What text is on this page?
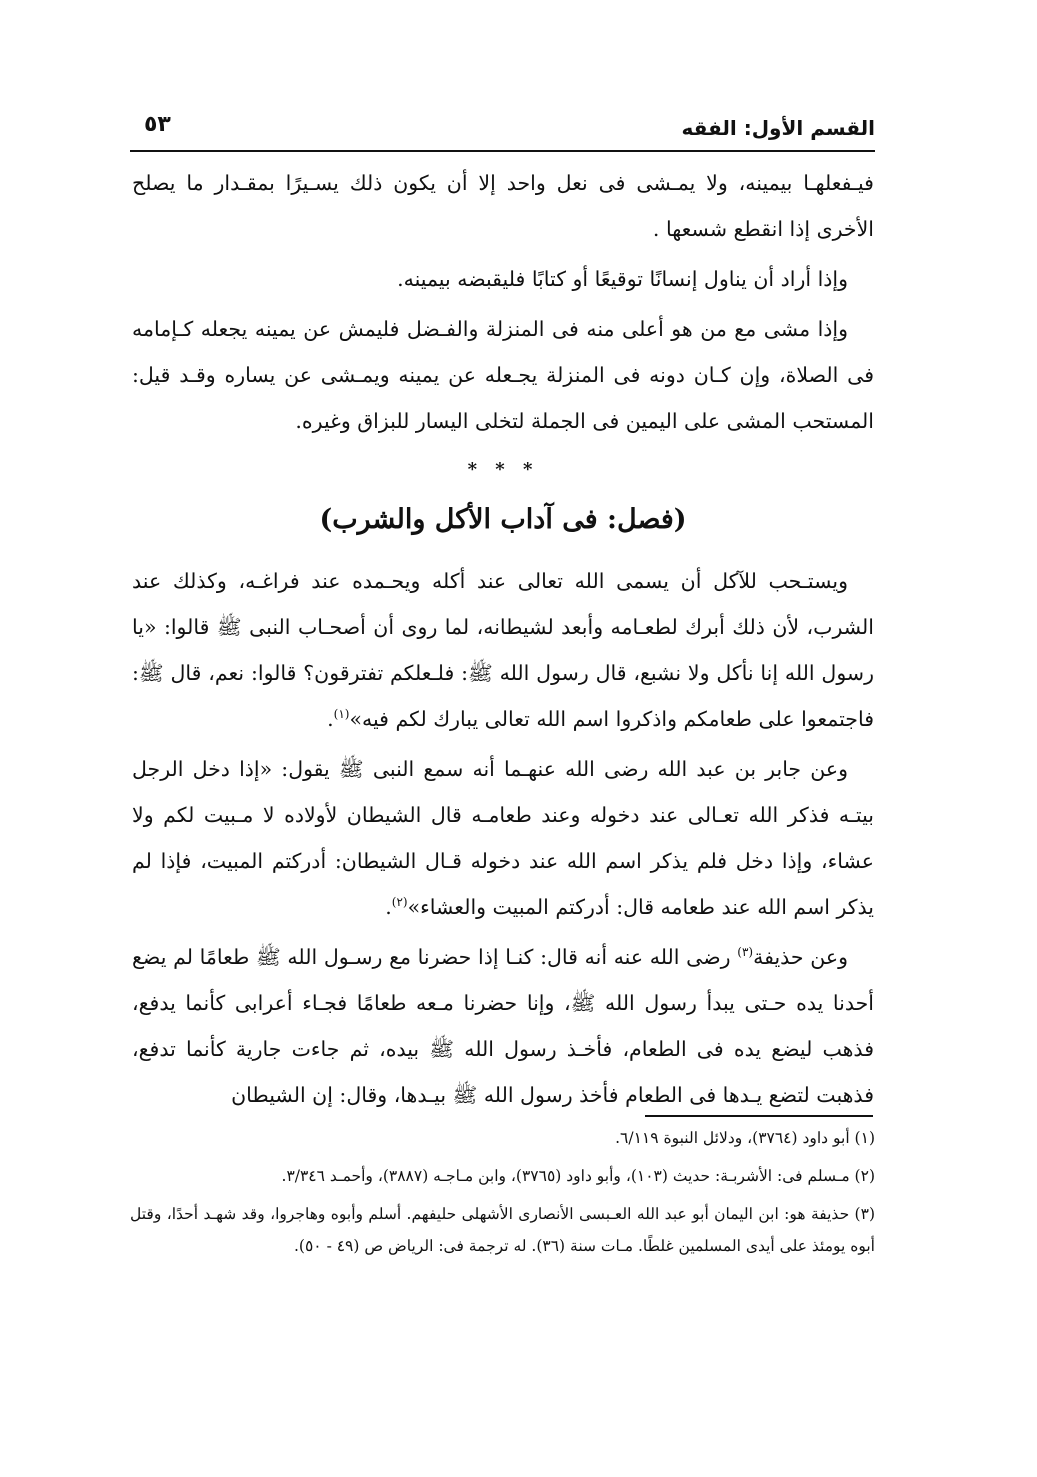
القسم الأول: الفقه
٥٣

فيـفعلهـا بيمينه، ولا يمـشى فى نعل واحد إلا أن يكون ذلك يسـيرًا بمقـدار ما يصلح الأخرى إذا انقطع شسعها .

وإذا أراد أن يناول إنسانًا توقيعًا أو كتابًا فليقبضه بيمينه.

وإذا مشى مع من هو أعلى منه فى المنزلة والفـضل فليمش عن يمينه يجعله كـإمامه فى الصلاة، وإن كـان دونه فى المنزلة يجـعله عن يمينه ويمـشى عن يساره وقـد قيل: المستحب المشى على اليمين فى الجملة لتخلى اليسار للبزاق وغيره.

* * *
(فصل: فى آداب الأكل والشرب)

ويستـحب للآكل أن يسمى الله تعالى عند أكله ويحـمده عند فراغـه، وكذلك عند الشرب، لأن ذلك أبرك لطعـامه وأبعد لشيطانه، لما روى أن أصحـاب النبى ﷺ قالوا: «يا رسول الله إنا نأكل ولا نشبع، قال رسول الله ﷺ: فلـعلكم تفترقون؟ قالوا: نعم، قال ﷺ: فاجتمعوا على طعامكم واذكروا اسم الله تعالى يبارك لكم فيه»$^{(١)}$.

وعن جابر بن عبد الله رضى الله عنهـما أنه سمع النبى ﷺ يقول: «إذا دخل الرجل بيتـه فذكر الله تعـالى عند دخوله وعند طعامـه قال الشيطان لأولاده لا مـبيت لكم ولا عشاء، وإذا دخل فلم يذكر اسم الله عند دخوله قـال الشيطان: أدركتم المبيت، فإذا لم يذكر اسم الله عند طعامه قال: أدركتم المبيت والعشاء»$^{(٢)}$.

وعن حذيفة$^{(٣)}$ رضى الله عنه أنه قال: كنـا إذا حضرنا مع رسـول الله ﷺ طعامًا لم يضع أحدنا يده حـتى يبدأ رسول الله ﷺ، وإنا حضرنا مـعه طعامًا فجـاء أعرابى كأنما يدفع، فذهب ليضع يده فى الطعام، فأخـذ رسول الله ﷺ بيده، ثم جاءت جارية كأنما تدفع، فذهبت لتضع يـدها فى الطعام فأخذ رسول الله ﷺ بيـدها، وقال: إن الشيطان

(١) أبو داود (٣٧٦٤)، ودلائل النبوة ٦/١١٩.
(٢) مـسلم فى: الأشربـة: حديث (١٠٣)، وأبو داود (٣٧٦٥)، وابن مـاجـه (٣٨٨٧)، وأحمـد ٣/٣٤٦.
(٣) حذيفة هو: ابن اليمان أبو عبد الله العـبسى الأنصارى الأشهلى حليفهم. أسلم وأبوه وهاجروا، وقد شهـد أحدًا، وقتل أبوه يومئذ على أيدى المسلمين غلطًا. مـات سنة (٣٦). له ترجمة فى: الرياض ص (٤٩ - ٥٠).
